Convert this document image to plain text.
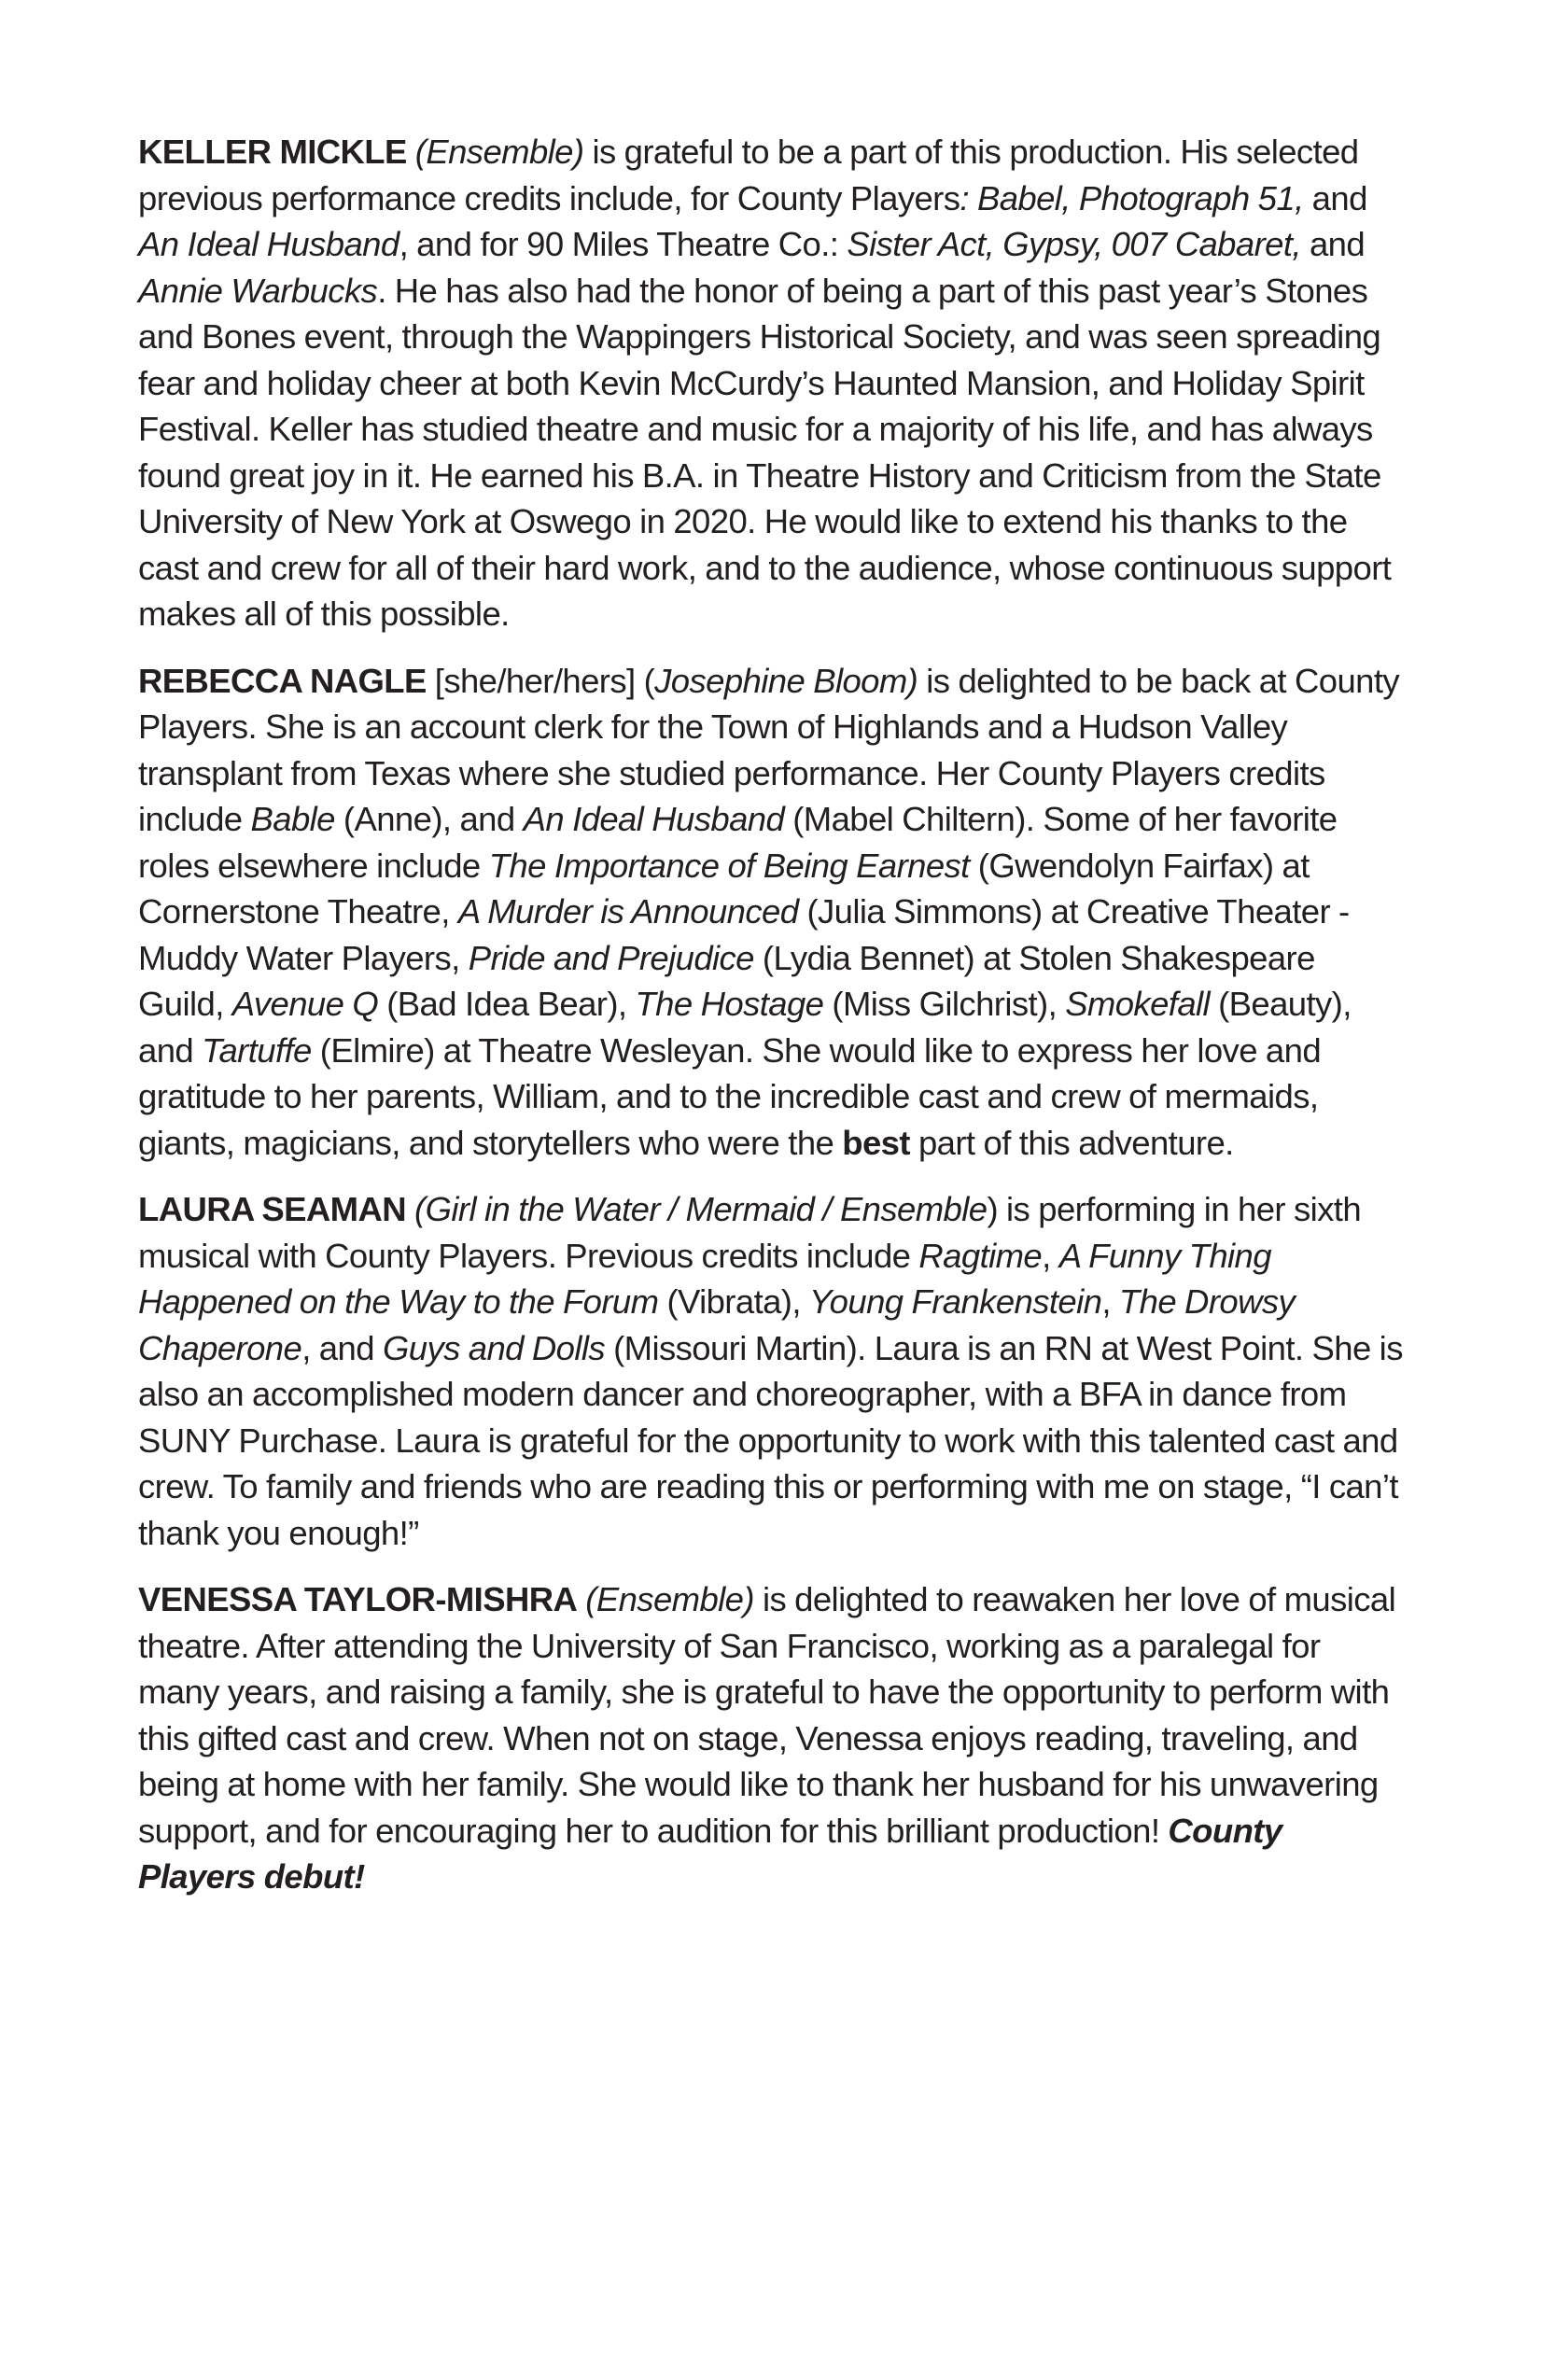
KELLER MICKLE (Ensemble) is grateful to be a part of this production. His selected previous performance credits include, for County Players: Babel, Photograph 51, and An Ideal Husband, and for 90 Miles Theatre Co.: Sister Act, Gypsy, 007 Cabaret, and Annie Warbucks. He has also had the honor of being a part of this past year’s Stones and Bones event, through the Wappingers Historical Society, and was seen spreading fear and holiday cheer at both Kevin McCurdy’s Haunted Mansion, and Holiday Spirit Festival. Keller has studied theatre and music for a majority of his life, and has always found great joy in it. He earned his B.A. in Theatre History and Criticism from the State University of New York at Oswego in 2020. He would like to extend his thanks to the cast and crew for all of their hard work, and to the audience, whose continuous support makes all of this possible.

REBECCA NAGLE [she/her/hers] (Josephine Bloom) is delighted to be back at County Players. She is an account clerk for the Town of Highlands and a Hudson Valley transplant from Texas where she studied performance. Her County Players credits include Bable (Anne), and An Ideal Husband (Mabel Chiltern). Some of her favorite roles elsewhere include The Importance of Being Earnest (Gwendolyn Fairfax) at Cornerstone Theatre, A Murder is Announced (Julia Simmons) at Creative Theater - Muddy Water Players, Pride and Prejudice (Lydia Bennet) at Stolen Shakespeare Guild, Avenue Q (Bad Idea Bear), The Hostage (Miss Gilchrist), Smokefall (Beauty), and Tartuffe (Elmire) at Theatre Wesleyan. She would like to express her love and gratitude to her parents, William, and to the incredible cast and crew of mermaids, giants, magicians, and storytellers who were the best part of this adventure.

LAURA SEAMAN (Girl in the Water / Mermaid / Ensemble) is performing in her sixth musical with County Players. Previous credits include Ragtime, A Funny Thing Happened on the Way to the Forum (Vibrata), Young Frankenstein, The Drowsy Chaperone, and Guys and Dolls (Missouri Martin). Laura is an RN at West Point. She is also an accomplished modern dancer and choreographer, with a BFA in dance from SUNY Purchase. Laura is grateful for the opportunity to work with this talented cast and crew. To family and friends who are reading this or performing with me on stage, “I can’t thank you enough!”

VENESSA TAYLOR-MISHRA (Ensemble) is delighted to reawaken her love of musical theatre. After attending the University of San Francisco, working as a paralegal for many years, and raising a family, she is grateful to have the opportunity to perform with this gifted cast and crew. When not on stage, Venessa enjoys reading, traveling, and being at home with her family. She would like to thank her husband for his unwavering support, and for encouraging her to audition for this brilliant production! County Players debut!
